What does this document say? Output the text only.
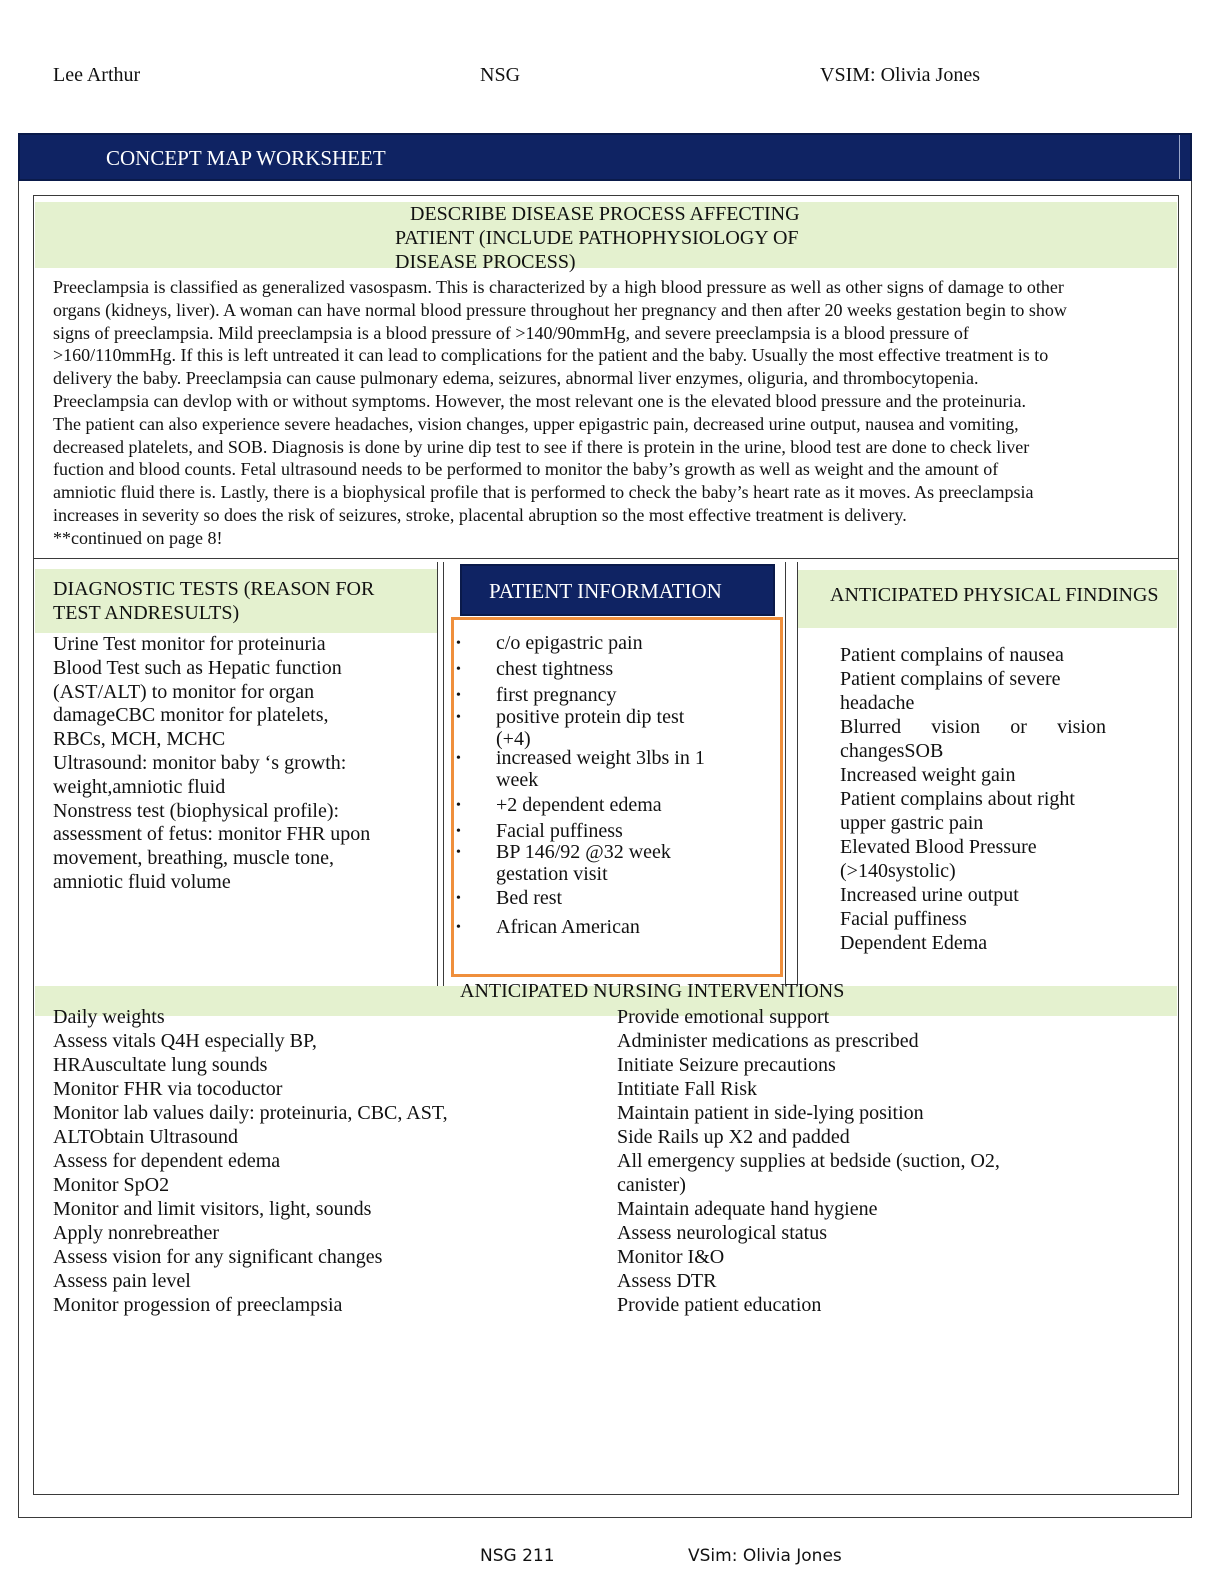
Lee Arthur	NSG	VSIM: Olivia Jones
CONCEPT MAP WORKSHEET
DESCRIBE DISEASE PROCESS AFFECTING
PATIENT (INCLUDE PATHOPHYSIOLOGY OF
DISEASE PROCESS)
Preeclampsia is classified as generalized vasospasm. This is characterized by a high blood pressure as well as other signs of damage to other
organs (kidneys, liver). A woman can have normal blood pressure throughout her pregnancy and then after 20 weeks gestation begin to show
signs of preeclampsia. Mild preeclampsia is a blood pressure of >140/90mmHg, and severe preeclampsia is a blood pressure of
>160/110mmHg. If this is left untreated it can lead to complications for the patient and the baby. Usually the most effective treatment is to
delivery the baby. Preeclampsia can cause pulmonary edema, seizures, abnormal liver enzymes, oliguria, and thrombocytopenia.
Preeclampsia can devlop with or without symptoms. However, the most relevant one is the elevated blood pressure and the proteinuria.
The patient can also experience severe headaches, vision changes, upper epigastric pain, decreased urine output, nausea and vomiting,
decreased platelets, and SOB. Diagnosis is done by urine dip test to see if there is protein in the urine, blood test are done to check liver
fuction and blood counts. Fetal ultrasound needs to be performed to monitor the baby’s growth as well as weight and the amount of
amniotic fluid there is. Lastly, there is a biophysical profile that is performed to check the baby’s heart rate as it moves. As preeclampsia
increases in severity so does the risk of seizures, stroke, placental abruption so the most effective treatment is delivery.
**continued on page 8!
DIAGNOSTIC TESTS (REASON FOR
TEST ANDRESULTS)
Urine Test monitor for proteinuria
Blood Test such as Hepatic function
(AST/ALT) to monitor for organ
damageCBC monitor for platelets,
RBCs, MCH, MCHC
Ultrasound: monitor baby ‘s growth:
weight,amniotic fluid
Nonstress test (biophysical profile):
assessment of fetus: monitor FHR upon
movement, breathing, muscle tone,
amniotic fluid volume
PATIENT INFORMATION
• c/o epigastric pain
• chest tightness
• first pregnancy
• positive protein dip test (+4)
• increased weight 3lbs in 1 week
• +2 dependent edema
• Facial puffiness
• BP 146/92 @32 week gestation visit
• Bed rest
• African American
ANTICIPATED PHYSICAL FINDINGS
Patient complains of nausea
Patient complains of severe
headache
Blurred vision or vision
changesSOB
Increased weight gain
Patient complains about right
upper gastric pain
Elevated Blood Pressure
(>140systolic)
Increased urine output
Facial puffiness
Dependent Edema
ANTICIPATED NURSING INTERVENTIONS
Daily weights
Assess vitals Q4H especially BP,
HRAuscultate lung sounds
Monitor FHR via tocoductor
Monitor lab values daily: proteinuria, CBC, AST,
ALTObtain Ultrasound
Assess for dependent edema
Monitor SpO2
Monitor and limit visitors, light, sounds
Apply nonrebreather
Assess vision for any significant changes
Assess pain level
Monitor progession of preeclampsia
Provide emotional support
Administer medications as prescribed
Initiate Seizure precautions
Intitiate Fall Risk
Maintain patient in side-lying position
Side Rails up X2 and padded
All emergency supplies at bedside (suction, O2,
canister)
Maintain adequate hand hygiene
Assess neurological status
Monitor I&O
Assess DTR
Provide patient education
NSG 211	VSim: Olivia Jones
